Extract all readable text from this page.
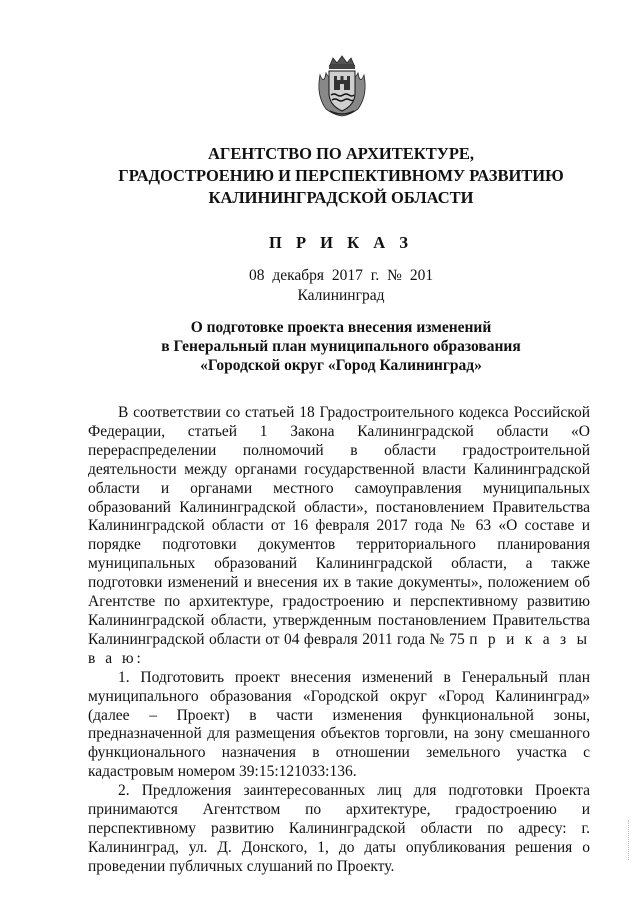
АГЕНТСТВО ПО АРХИТЕКТУРЕ,
ГРАДОСТРОЕНИЮ И ПЕРСПЕКТИВНОМУ РАЗВИТИЮ
КАЛИНИНГРАДСКОЙ ОБЛАСТИ
П Р И К А З
08 декабря 2017 г. № 201
Калининград
О подготовке проекта внесения изменений
в Генеральный план муниципального образования
«Городской округ «Город Калининград»

В соответствии со статьей 18 Градостроительного кодекса Российской Федерации, статьей 1 Закона Калининградской области «О перераспределении полномочий в области градостроительной деятельности между органами государственной власти Калининградской области и органами местного самоуправления муниципальных образований Калининградской области», постановлением Правительства Калининградской области от 16 февраля 2017 года № 63 «О составе и порядке подготовки документов территориального планирования муниципальных образований Калининградской области, а также подготовки изменений и внесения их в такие документы», положением об Агентстве по архитектуре, градостроению и перспективному развитию Калининградской области, утвержденным постановлением Правительства Калининградской области от 04 февраля 2011 года № 75 п р и к а з ы в а ю:

1. Подготовить проект внесения изменений в Генеральный план муниципального образования «Городской округ «Город Калининград» (далее – Проект) в части изменения функциональной зоны, предназначенной для размещения объектов торговли, на зону смешанного функционального назначения в отношении земельного участка с кадастровым номером 39:15:121033:136.

2. Предложения заинтересованных лиц для подготовки Проекта принимаются Агентством по архитектуре, градостроению и перспективному развитию Калининградской области по адресу: г. Калининград, ул. Д. Донского, 1, до даты опубликования решения о проведении публичных слушаний по Проекту.
